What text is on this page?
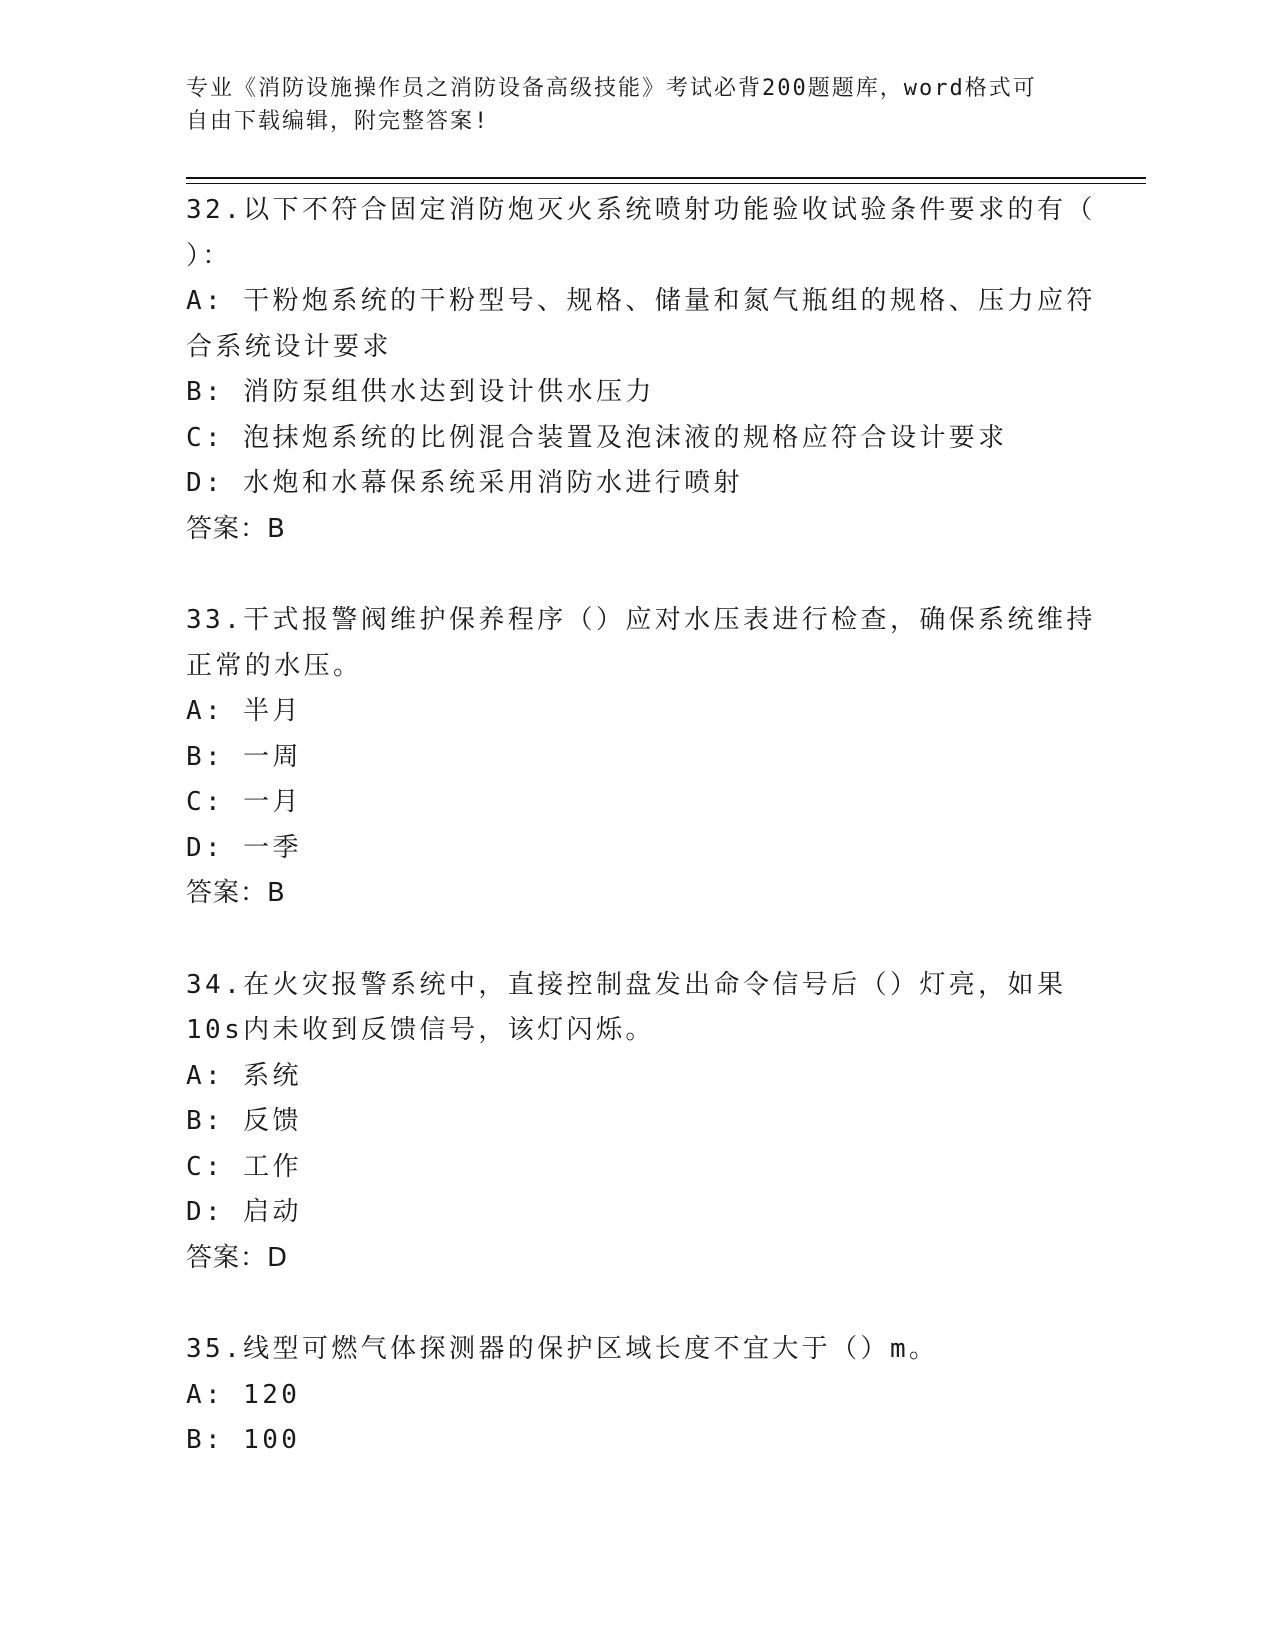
专业《消防设施操作员之消防设备高级技能》考试必背200题题库，word格式可
自由下载编辑，附完整答案!
32.以下不符合固定消防炮灭火系统喷射功能验收试验条件要求的有（
）：
A: 干粉炮系统的干粉型号、规格、储量和氮气瓶组的规格、压力应符
合系统设计要求
B: 消防泵组供水达到设计供水压力
C: 泡抹炮系统的比例混合装置及泡沫液的规格应符合设计要求
D: 水炮和水幕保系统采用消防水进行喷射
答案：B
33.干式报警阀维护保养程序（）应对水压表进行检查，确保系统维持
正常的水压。
A: 半月
B: 一周
C: 一月
D: 一季
答案：B
34.在火灾报警系统中，直接控制盘发出命令信号后（）灯亮，如果
10s内未收到反馈信号，该灯闪烁。
A: 系统
B: 反馈
C: 工作
D: 启动
答案：D
35.线型可燃气体探测器的保护区域长度不宜大于（）m。
A: 120
B: 100
